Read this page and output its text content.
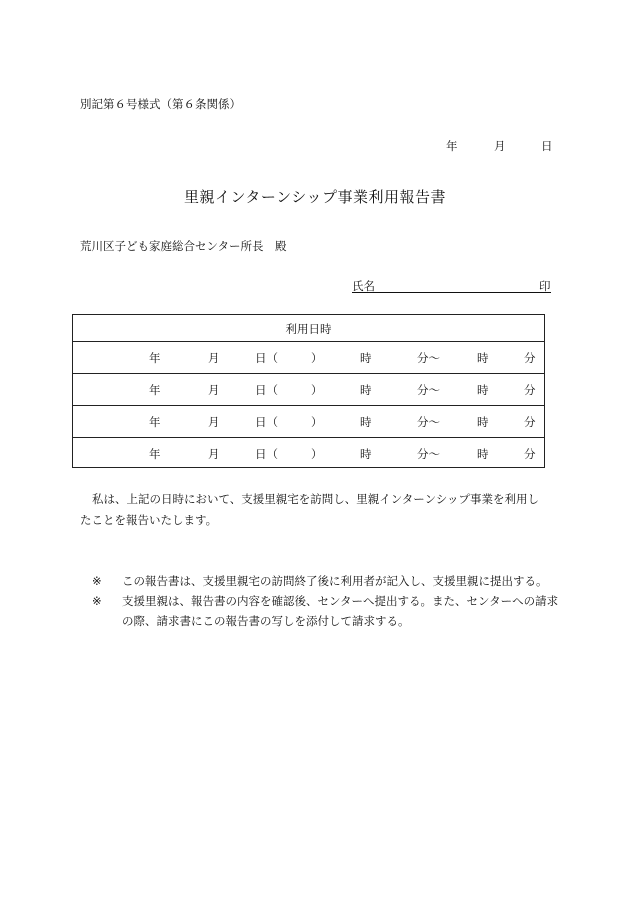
別記第６号様式（第６条関係）
年	月	日
里親インターンシップ事業利用報告書
荒川区子ども家庭総合センター所長　殿
氏名	印
利用日時
年	月	日（	）	時	分～	時	分
年	月	日（	）	時	分～	時	分
年	月	日（	）	時	分～	時	分
年	月	日（	）	時	分～	時	分
私は、上記の日時において、支援里親宅を訪問し、里親インターンシップ事業を利用し
たことを報告いたします。
※ この報告書は、支援里親宅の訪問終了後に利用者が記入し、支援里親に提出する。
※ 支援里親は、報告書の内容を確認後、センターへ提出する。また、センターへの請求
の際、請求書にこの報告書の写しを添付して請求する。
